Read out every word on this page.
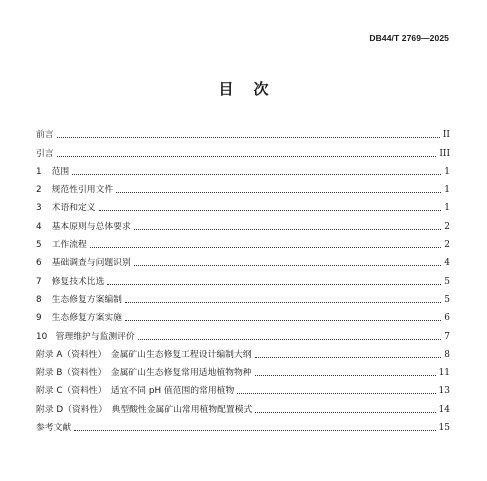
DB44/T 2769—2025
目 次
前言	II
引言	III
1 范围	1
2 规范性引用文件	1
3 术语和定义	1
4 基本原则与总体要求	2
5 工作流程	2
6 基础调查与问题识别	4
7 修复技术比选	5
8 生态修复方案编制	5
9 生态修复方案实施	6
10 管理维护与监测评价	7
附录 A（资料性）　金属矿山生态修复工程设计编制大纲	8
附录 B（资料性）　金属矿山生态修复常用适地植物物种	11
附录 C（资料性）　适宜不同 pH 值范围的常用植物	13
附录 D（资料性）　典型酸性金属矿山常用植物配置模式	14
参考文献	15
